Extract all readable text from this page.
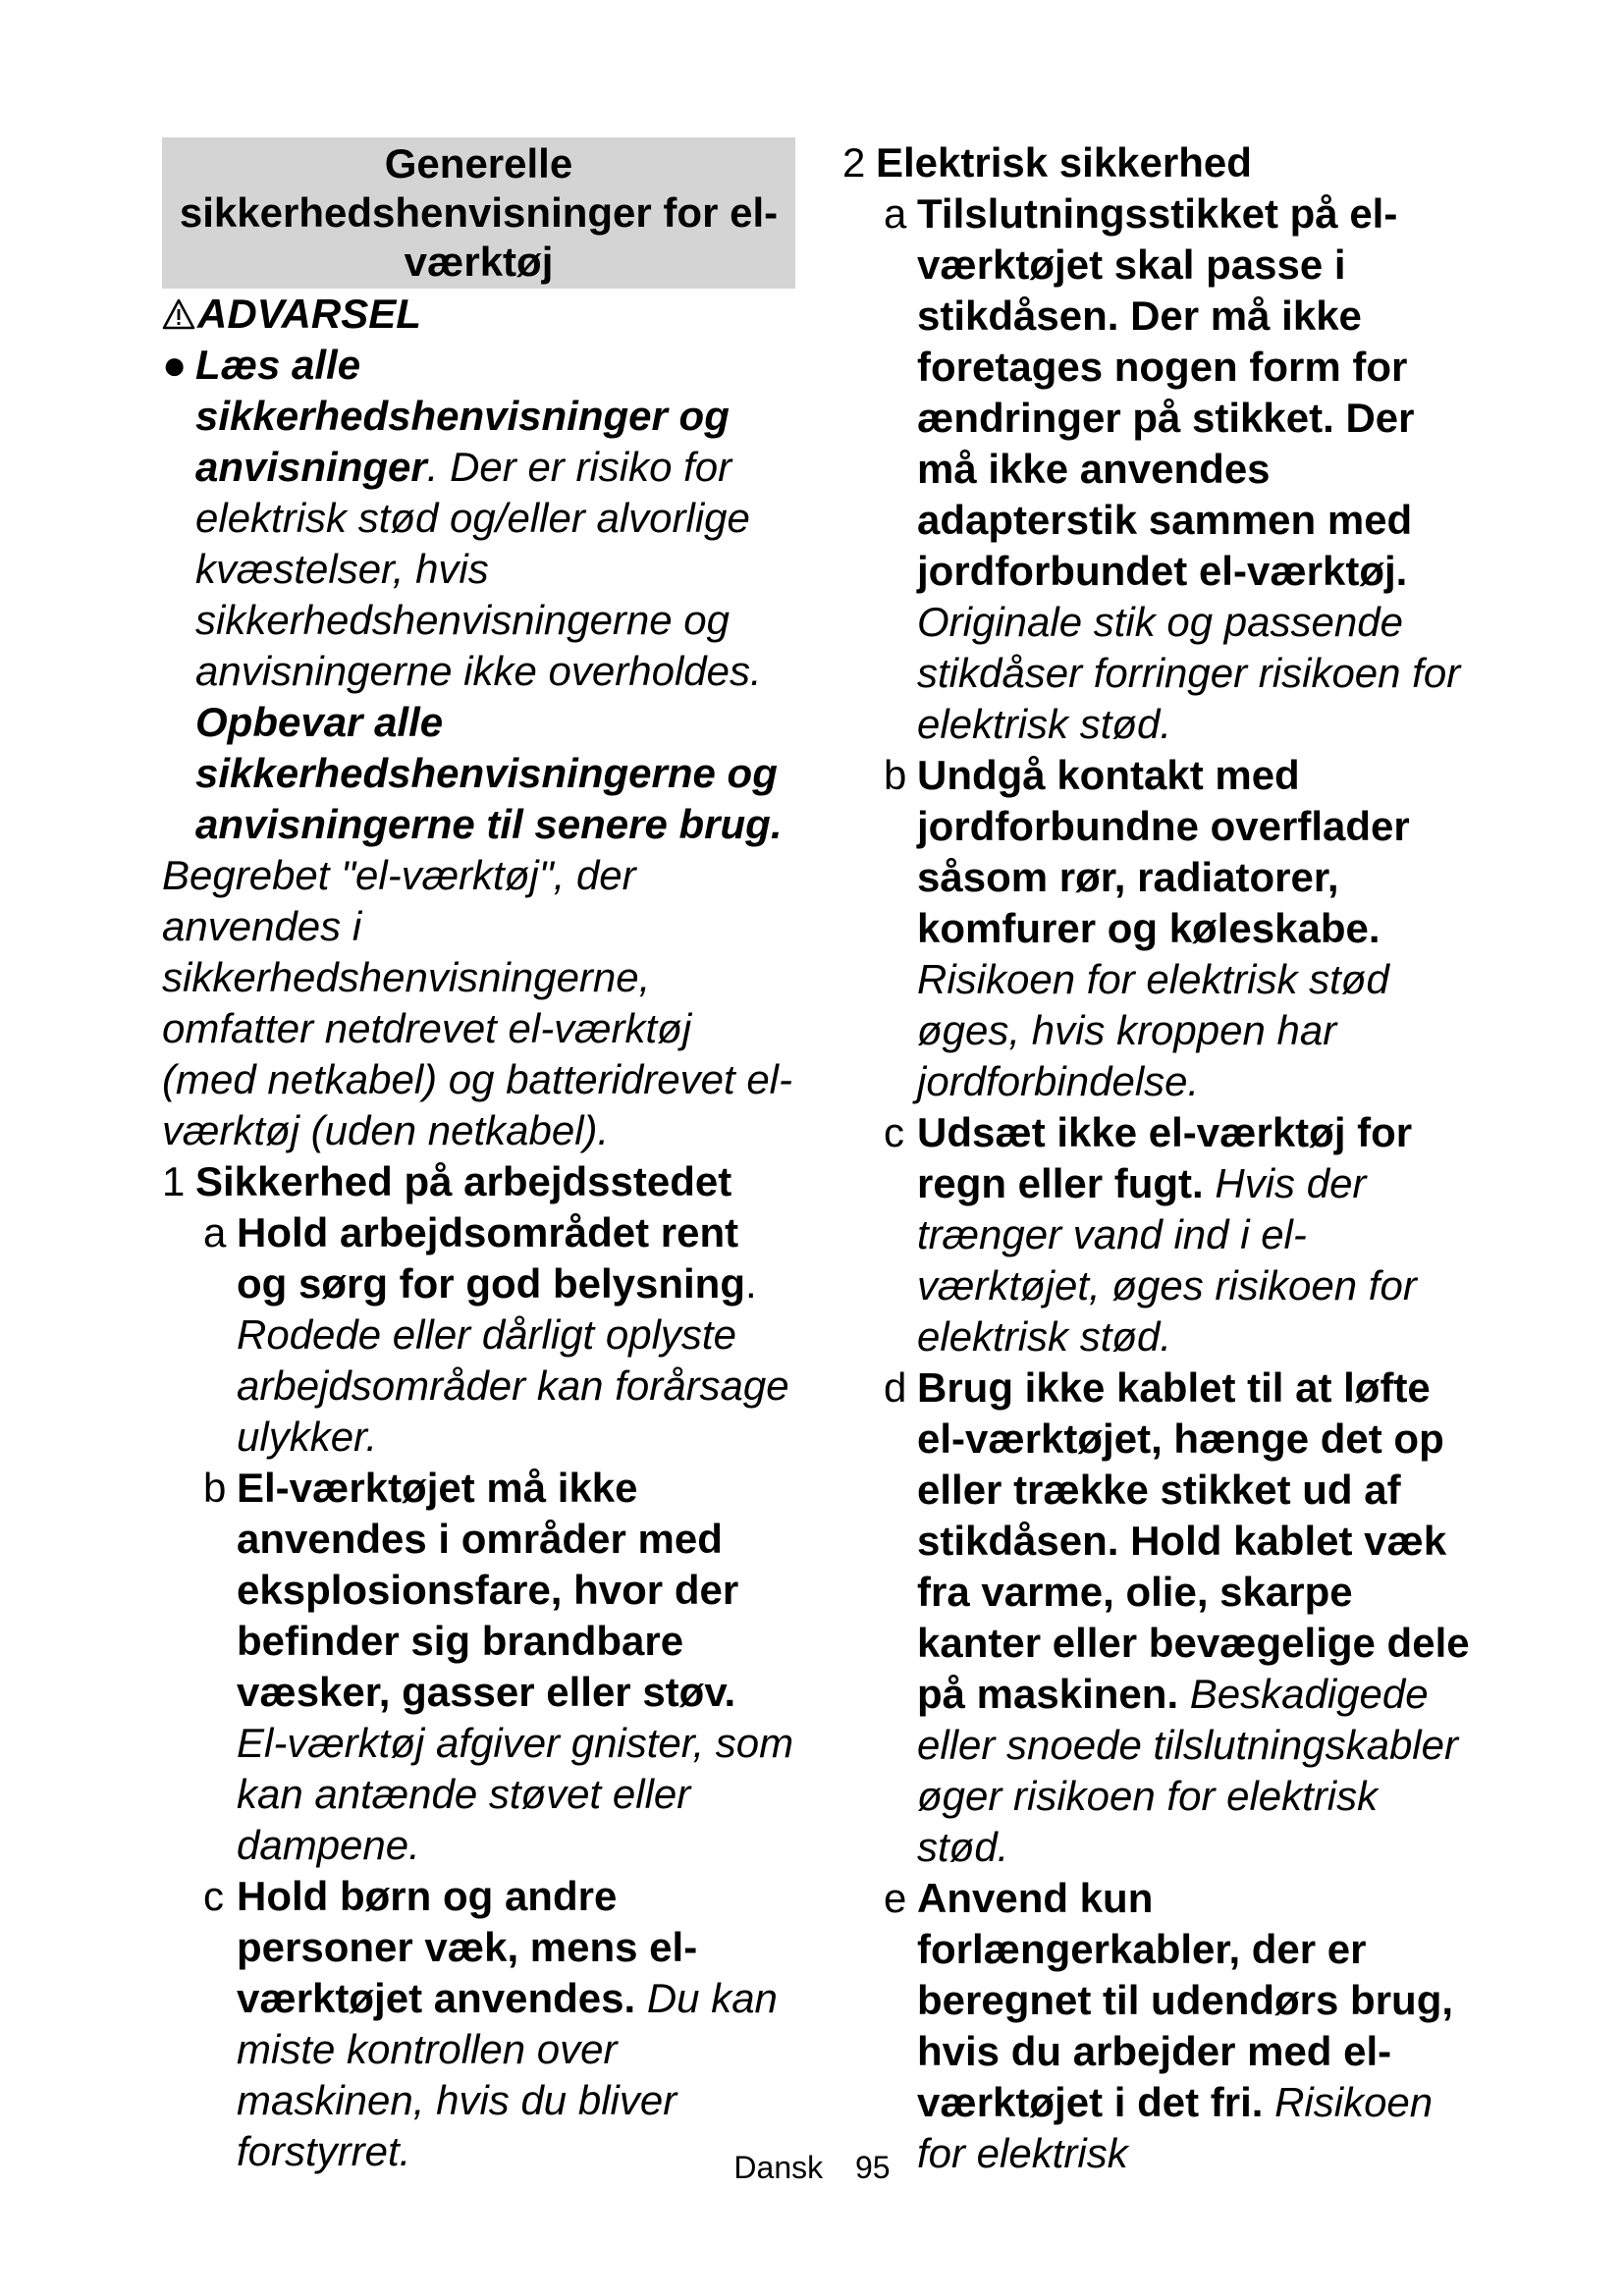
Generelle sikkerhedshenvisninger for el-værktøj
ADVARSEL
● Læs alle sikkerhedshenvisninger og anvisninger. Der er risiko for elektrisk stød og/eller alvorlige kvæstelser, hvis sikkerhedshenvisningerne og anvisningerne ikke overholdes. Opbevar alle sikkerhedshenvisningerne og anvisningerne til senere brug.
Begrebet "el-værktøj", der anvendes i sikkerhedshenvisningerne, omfatter netdrevet el-værktøj (med netkabel) og batteridrevet el-værktøj (uden netkabel).
1 Sikkerhed på arbejdsstedet
a Hold arbejdsområdet rent og sørg for god belysning. Rodede eller dårligt oplyste arbejdsområder kan forårsage ulykker.
b El-værktøjet må ikke anvendes i områder med eksplosionsfare, hvor der befinder sig brandbare væsker, gasser eller støv. El-værktøj afgiver gnister, som kan antænde støvet eller dampene.
c Hold børn og andre personer væk, mens el-værktøjet anvendes. Du kan miste kontrollen over maskinen, hvis du bliver forstyrret.
2 Elektrisk sikkerhed
a Tilslutningsstikket på el-værktøjet skal passe i stikdåsen. Der må ikke foretages nogen form for ændringer på stikket. Der må ikke anvendes adapterstik sammen med jordforbundet el-værktøj. Originale stik og passende stikdåser forringer risikoen for elektrisk stød.
b Undgå kontakt med jordforbundne overflader såsom rør, radiatorer, komfurer og køleskabe. Risikoen for elektrisk stød øges, hvis kroppen har jordforbindelse.
c Udsæt ikke el-værktøj for regn eller fugt. Hvis der trænger vand ind i el-værktøjet, øges risikoen for elektrisk stød.
d Brug ikke kablet til at løfte el-værktøjet, hænge det op eller trække stikket ud af stikdåsen. Hold kablet væk fra varme, olie, skarpe kanter eller bevægelige dele på maskinen. Beskadigede eller snoede tilslutningskabler øger risikoen for elektrisk stød.
e Anvend kun forlængerkabler, der er beregnet til udendørs brug, hvis du arbejder med el-værktøjet i det fri. Risikoen for elektrisk
Dansk 95
